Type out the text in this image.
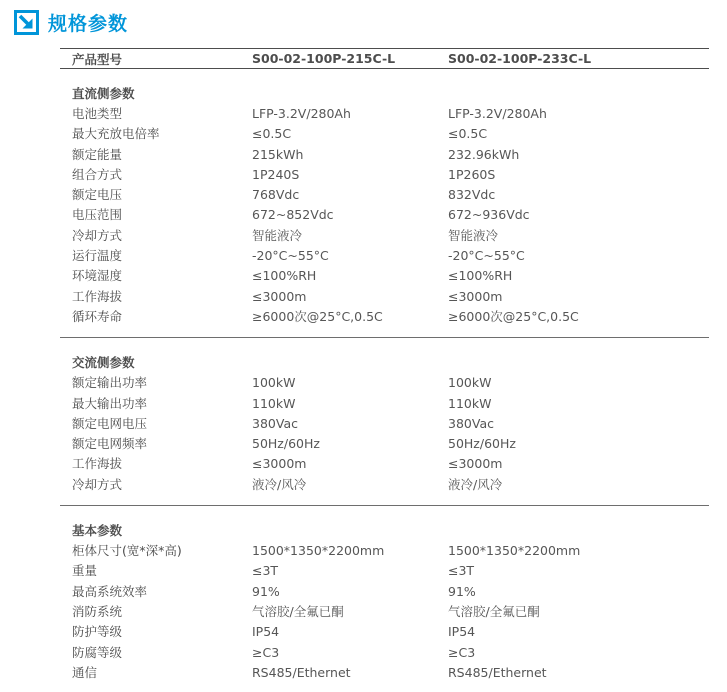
规格参数
产品型号	S00-02-100P-215C-L	S00-02-100P-233C-L
直流侧参数
电池类型	LFP-3.2V/280Ah	LFP-3.2V/280Ah
最大充放电倍率	≤0.5C	≤0.5C
额定能量	215kWh	232.96kWh
组合方式	1P240S	1P260S
额定电压	768Vdc	832Vdc
电压范围	672~852Vdc	672~936Vdc
冷却方式	智能液冷	智能液冷
运行温度	-20°C~55°C	-20°C~55°C
环境湿度	≤100%RH	≤100%RH
工作海拔	≤3000m	≤3000m
循环寿命	≥6000次@25°C,0.5C	≥6000次@25°C,0.5C
交流侧参数
额定输出功率	100kW	100kW
最大输出功率	110kW	110kW
额定电网电压	380Vac	380Vac
额定电网频率	50Hz/60Hz	50Hz/60Hz
工作海拔	≤3000m	≤3000m
冷却方式	液冷/风冷	液冷/风冷
基本参数
柜体尺寸(宽*深*高)	1500*1350*2200mm	1500*1350*2200mm
重量	≤3T	≤3T
最高系统效率	91%	91%
消防系统	气溶胶/全氟已酮	气溶胶/全氟已酮
防护等级	IP54	IP54
防腐等级	≥C3	≥C3
通信	RS485/Ethernet	RS485/Ethernet
